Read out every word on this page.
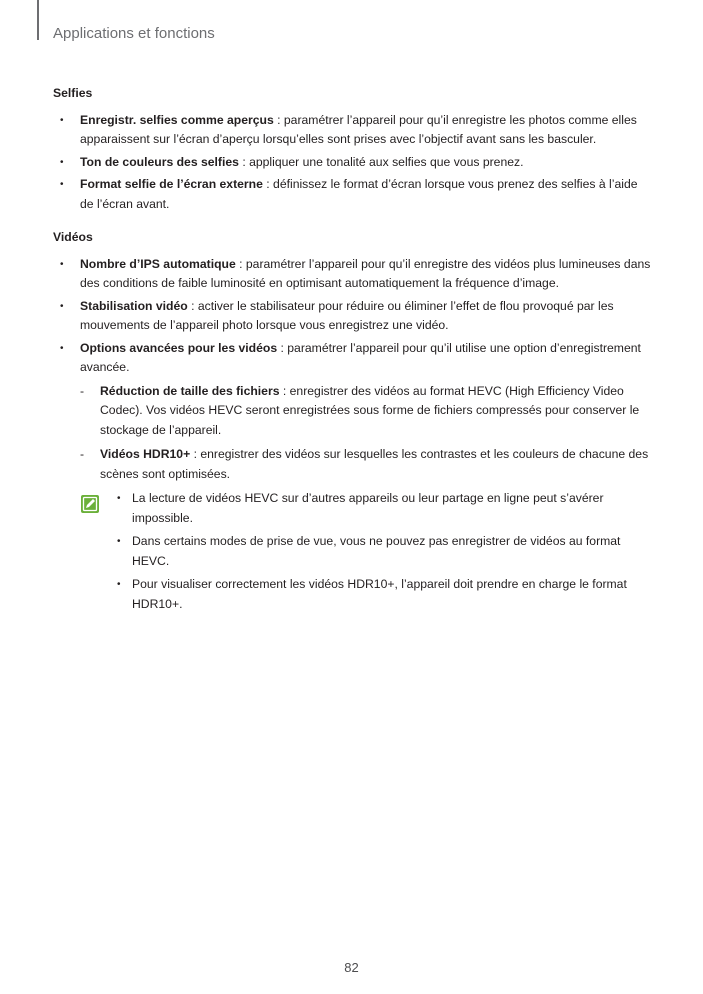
Applications et fonctions
Selfies
• Enregistr. selfies comme aperçus : paramétrer l’appareil pour qu’il enregistre les photos comme elles apparaissent sur l’écran d’aperçu lorsqu’elles sont prises avec l’objectif avant sans les basculer.
• Ton de couleurs des selfies : appliquer une tonalité aux selfies que vous prenez.
• Format selfie de l’écran externe : définissez le format d’écran lorsque vous prenez des selfies à l’aide de l’écran avant.
Vidéos
• Nombre d’IPS automatique : paramétrer l’appareil pour qu’il enregistre des vidéos plus lumineuses dans des conditions de faible luminosité en optimisant automatiquement la fréquence d’image.
• Stabilisation vidéo : activer le stabilisateur pour réduire ou éliminer l’effet de flou provoqué par les mouvements de l’appareil photo lorsque vous enregistrez une vidéo.
• Options avancées pour les vidéos : paramétrer l’appareil pour qu’il utilise une option d’enregistrement avancée.
- Réduction de taille des fichiers : enregistrer des vidéos au format HEVC (High Efficiency Video Codec). Vos vidéos HEVC seront enregistrées sous forme de fichiers compressés pour conserver le stockage de l’appareil.
- Vidéos HDR10+ : enregistrer des vidéos sur lesquelles les contrastes et les couleurs de chacune des scènes sont optimisées.
• La lecture de vidéos HEVC sur d’autres appareils ou leur partage en ligne peut s’avérer impossible.
• Dans certains modes de prise de vue, vous ne pouvez pas enregistrer de vidéos au format HEVC.
• Pour visualiser correctement les vidéos HDR10+, l’appareil doit prendre en charge le format HDR10+.
82
